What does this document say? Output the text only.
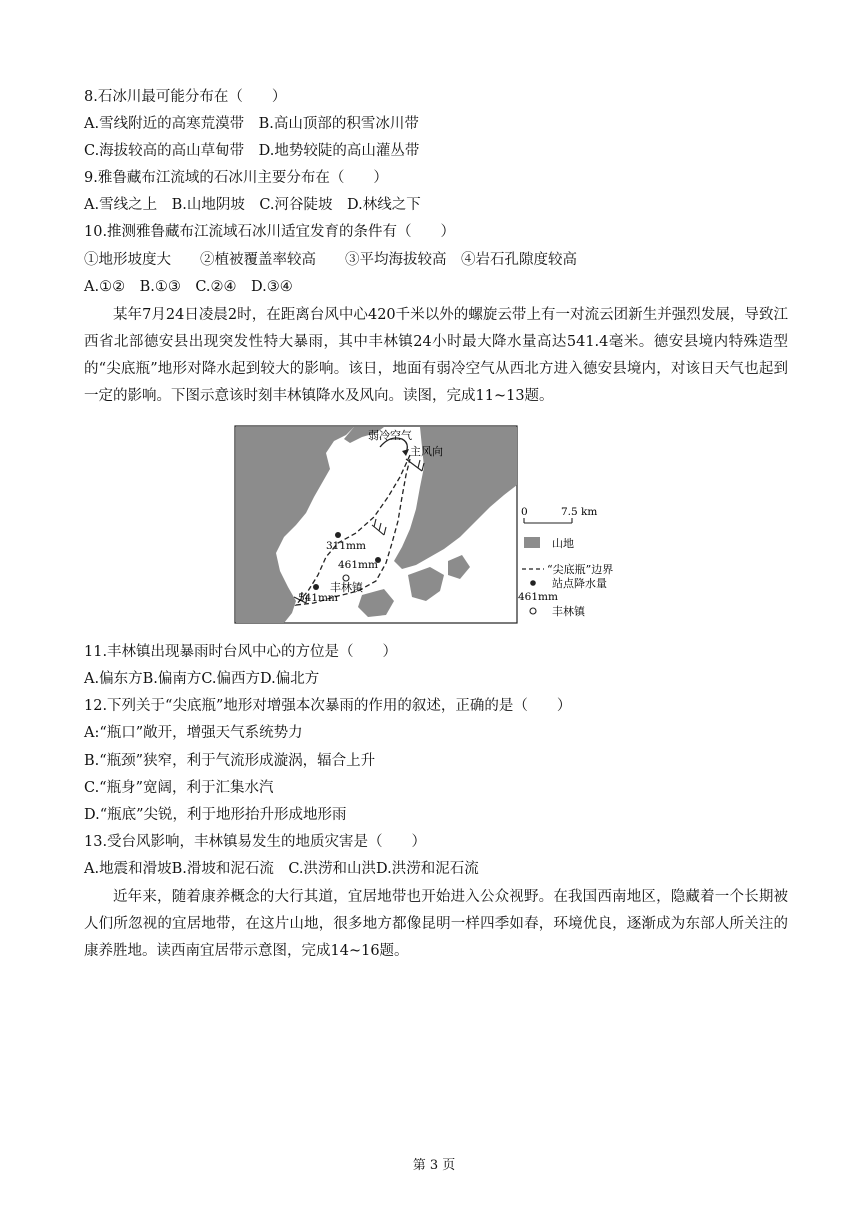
8.石冰川最可能分布在（　　）
A.雪线附近的高寒荒漠带　B.高山顶部的积雪冰川带
C.海拔较高的高山草甸带　D.地势较陡的高山灌丛带
9.雅鲁藏布江流域的石冰川主要分布在（　　）
A.雪线之上　B.山地阴坡　C.河谷陡坡　D.林线之下
10.推测雅鲁藏布江流域石冰川适宜发育的条件有（　　）
①地形坡度大　　②植被覆盖率较高　　③平均海拔较高　④岩石孔隙度较高
A.①②　B.①③　C.②④　D.③④
某年7月24日凌晨2时，在距离台风中心420千米以外的螺旋云带上有一对流云团新生并强烈发展，导致江西省北部德安县出现突发性特大暴雨，其中丰林镇24小时最大降水量高达541.4毫米。德安县境内特殊造型的“尖底瓶”地形对降水起到较大的影响。该日，地面有弱冷空气从西北方进入德安县境内，对该日天气也起到一定的影响。下图示意该时刻丰林镇降水及风向。读图，完成11~13题。
弱冷空气
主风向
311mm
461mm
541mm
丰林镇
0	7.5 km
山地
“尖底瓶”边界
站点降水量
461mm
丰林镇
11.丰林镇出现暴雨时台风中心的方位是（　　）
A.偏东方B.偏南方C.偏西方D.偏北方
12.下列关于“尖底瓶”地形对增强本次暴雨的作用的叙述，正确的是（　　）
A:“瓶口”敞开，增强天气系统势力
B.“瓶颈”狭窄，利于气流形成漩涡，辐合上升
C.“瓶身”宽阔，利于汇集水汽
D.“瓶底”尖锐，利于地形抬升形成地形雨
13.受台风影响，丰林镇易发生的地质灾害是（　　）
A.地震和滑坡B.滑坡和泥石流　C.洪涝和山洪D.洪涝和泥石流
近年来，随着康养概念的大行其道，宜居地带也开始进入公众视野。在我国西南地区，隐藏着一个长期被人们所忽视的宜居地带，在这片山地，很多地方都像昆明一样四季如春，环境优良，逐渐成为东部人所关注的康养胜地。读西南宜居带示意图，完成14~16题。
第 3 页
